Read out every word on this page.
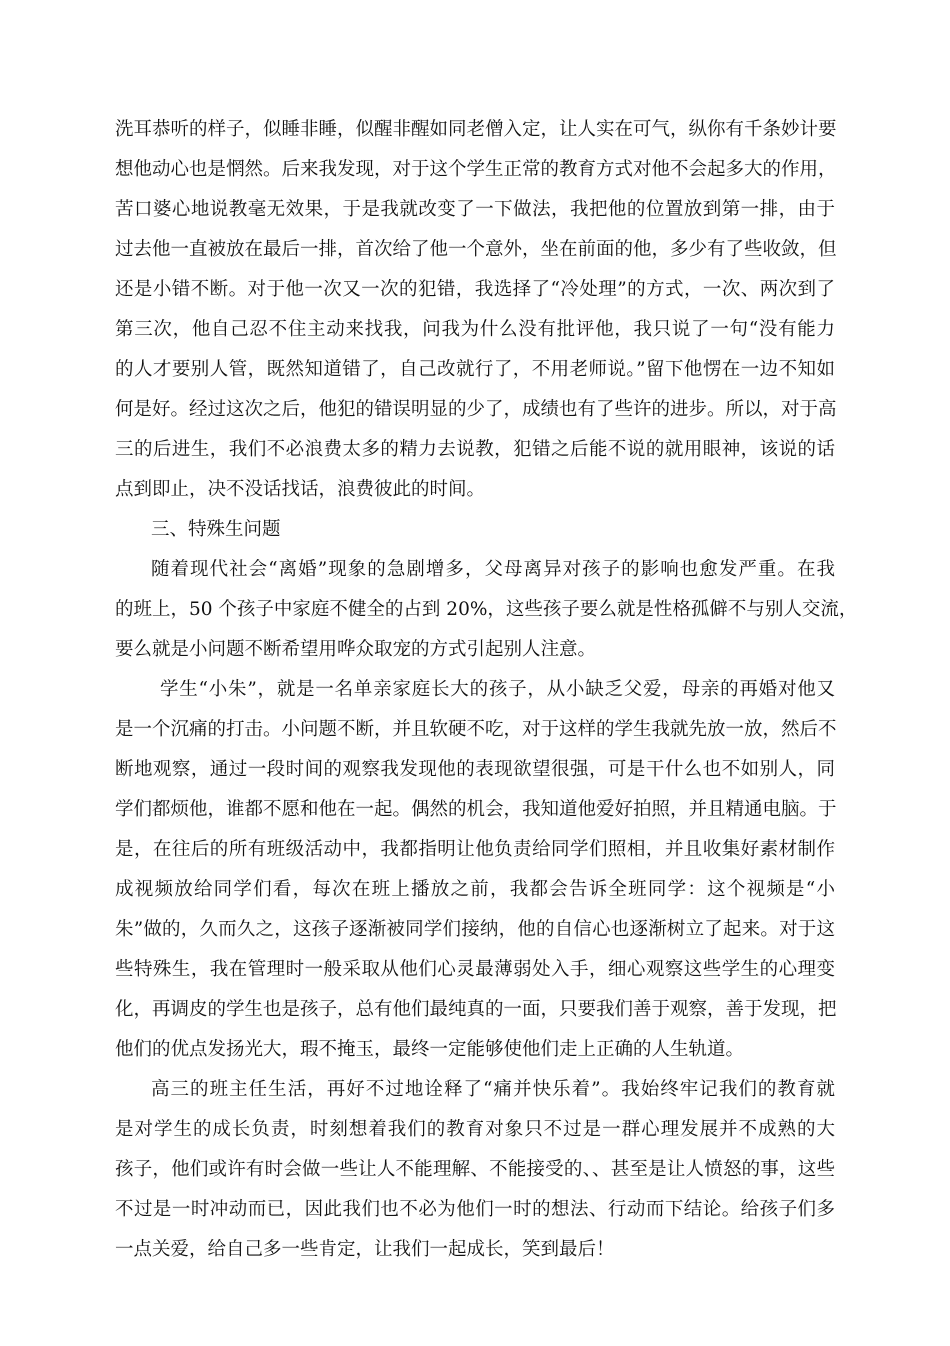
洗耳恭听的样子，似睡非睡，似醒非醒如同老僧入定，让人实在可气，纵你有千条妙计要
想他动心也是惘然。后来我发现，对于这个学生正常的教育方式对他不会起多大的作用，
苦口婆心地说教毫无效果，于是我就改变了一下做法，我把他的位置放到第一排，由于
过去他一直被放在最后一排，首次给了他一个意外，坐在前面的他，多少有了些收敛，但
还是小错不断。对于他一次又一次的犯错，我选择了“冷处理”的方式，一次、两次到了
第三次，他自己忍不住主动来找我，问我为什么没有批评他，我只说了一句“没有能力
的人才要别人管，既然知道错了，自己改就行了，不用老师说。”留下他愣在一边不知如
何是好。经过这次之后，他犯的错误明显的少了，成绩也有了些许的进步。所以，对于高
三的后进生，我们不必浪费太多的精力去说教，犯错之后能不说的就用眼神，该说的话
点到即止，决不没话找话，浪费彼此的时间。
三、特殊生问题
随着现代社会“离婚”现象的急剧增多，父母离异对孩子的影响也愈发严重。在我
的班上，50 个孩子中家庭不健全的占到 20%，这些孩子要么就是性格孤僻不与别人交流，
要么就是小问题不断希望用哗众取宠的方式引起别人注意。
学生“小朱”，就是一名单亲家庭长大的孩子，从小缺乏父爱，母亲的再婚对他又
是一个沉痛的打击。小问题不断，并且软硬不吃，对于这样的学生我就先放一放，然后不
断地观察，通过一段时间的观察我发现他的表现欲望很强，可是干什么也不如别人，同
学们都烦他，谁都不愿和他在一起。偶然的机会，我知道他爱好拍照，并且精通电脑。于
是，在往后的所有班级活动中，我都指明让他负责给同学们照相，并且收集好素材制作
成视频放给同学们看，每次在班上播放之前，我都会告诉全班同学：这个视频是“小
朱”做的，久而久之，这孩子逐渐被同学们接纳，他的自信心也逐渐树立了起来。对于这
些特殊生，我在管理时一般采取从他们心灵最薄弱处入手，细心观察这些学生的心理变
化，再调皮的学生也是孩子，总有他们最纯真的一面，只要我们善于观察，善于发现，把
他们的优点发扬光大，瑕不掩玉，最终一定能够使他们走上正确的人生轨道。
高三的班主任生活，再好不过地诠释了“痛并快乐着”。我始终牢记我们的教育就
是对学生的成长负责，时刻想着我们的教育对象只不过是一群心理发展并不成熟的大
孩子，他们或许有时会做一些让人不能理解、不能接受的、、甚至是让人愤怒的事，这些
不过是一时冲动而已，因此我们也不必为他们一时的想法、行动而下结论。给孩子们多
一点关爱，给自己多一些肯定，让我们一起成长，笑到最后！
